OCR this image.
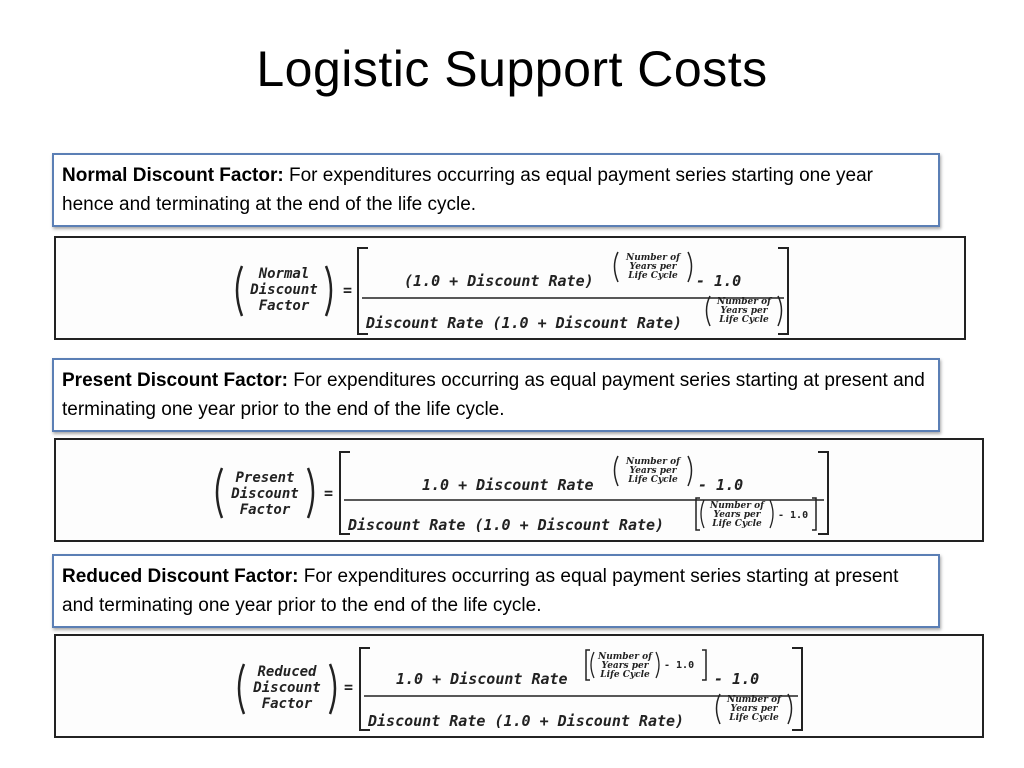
Logistic Support Costs
Normal Discount Factor: For expenditures occurring as equal payment series starting one year hence and terminating at the end of the life cycle.
Normal
Discount
Factor
=	(1.0 + Discount Rate)
Number of
Years per
Life Cycle - 1.0
Discount Rate (1.0 + Discount Rate)
Number of
Years per
Life Cycle
Present Discount Factor: For expenditures occurring as equal payment series starting at present and terminating one year prior to the end of the life cycle.
Present
Discount
Factor
=	1.0 + Discount Rate
Number of
Years per
Life Cycle - 1.0
Discount Rate (1.0 + Discount Rate)
Number of
Years per
Life Cycle
- 1.0
Reduced Discount Factor: For expenditures occurring as equal payment series starting at present and terminating one year prior to the end of the life cycle.
Reduced
Discount
Factor
=	1.0 + Discount Rate
Number of
Years per
Life Cycle
- 1.0
- 1.0
Discount Rate (1.0 + Discount Rate)
Number of
Years per
Life Cycle
